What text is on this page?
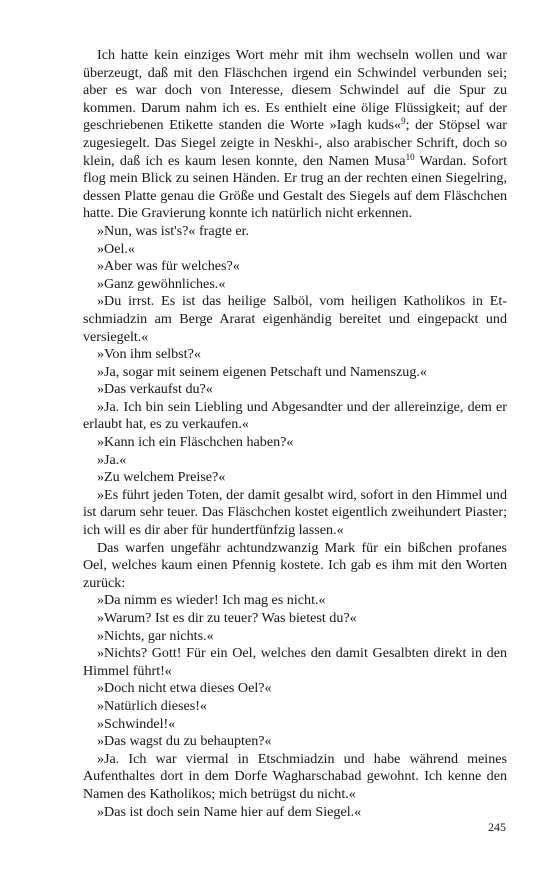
Ich hatte kein einziges Wort mehr mit ihm wechseln wollen und war überzeugt, daß mit den Fläschchen irgend ein Schwindel verbunden sei; aber es war doch von Interesse, diesem Schwindel auf die Spur zu kommen. Darum nahm ich es. Es enthielt eine ölige Flüssigkeit; auf der geschriebenen Etikette standen die Worte »Iagh kuds«$^9$; der Stöpsel war zugesiegelt. Das Siegel zeigte in Neskhi-, also arabischer Schrift, doch so klein, daß ich es kaum lesen konnte, den Namen Musa$^{10}$ Wardan. Sofort flog mein Blick zu seinen Händen. Er trug an der rechten einen Siegelring, dessen Platte genau die Größe und Gestalt des Siegels auf dem Fläschchen hatte. Die Gravierung konnte ich natürlich nicht erkennen.

»Nun, was ist's?« fragte er.

»Oel.«

»Aber was für welches?«

»Ganz gewöhnliches.«

»Du irrst. Es ist das heilige Salböl, vom heiligen Katholikos in Etschmiadzin am Berge Ararat eigenhändig bereitet und eingepackt und versiegelt.«

»Von ihm selbst?«

»Ja, sogar mit seinem eigenen Petschaft und Namenszug.«

»Das verkaufst du?«

»Ja. Ich bin sein Liebling und Abgesandter und der allereinzige, dem er erlaubt hat, es zu verkaufen.«

»Kann ich ein Fläschchen haben?«

»Ja.«

»Zu welchem Preise?«

»Es führt jeden Toten, der damit gesalbt wird, sofort in den Himmel und ist darum sehr teuer. Das Fläschchen kostet eigentlich zweihundert Piaster; ich will es dir aber für hundertfünfzig lassen.«

Das warfen ungefähr achtundzwanzig Mark für ein bißchen profanes Oel, welches kaum einen Pfennig kostete. Ich gab es ihm mit den Worten zurück:

»Da nimm es wieder! Ich mag es nicht.«

»Warum? Ist es dir zu teuer? Was bietest du?«

»Nichts, gar nichts.«

»Nichts? Gott! Für ein Oel, welches den damit Gesalbten direkt in den Himmel führt!«

»Doch nicht etwa dieses Oel?«

»Natürlich dieses!«

»Schwindel!«

»Das wagst du zu behaupten?«

»Ja. Ich war viermal in Etschmiadzin und habe während meines Aufenthaltes dort in dem Dorfe Wagharschabad gewohnt. Ich kenne den Namen des Katholikos; mich betrügst du nicht.«

»Das ist doch sein Name hier auf dem Siegel.«

245
